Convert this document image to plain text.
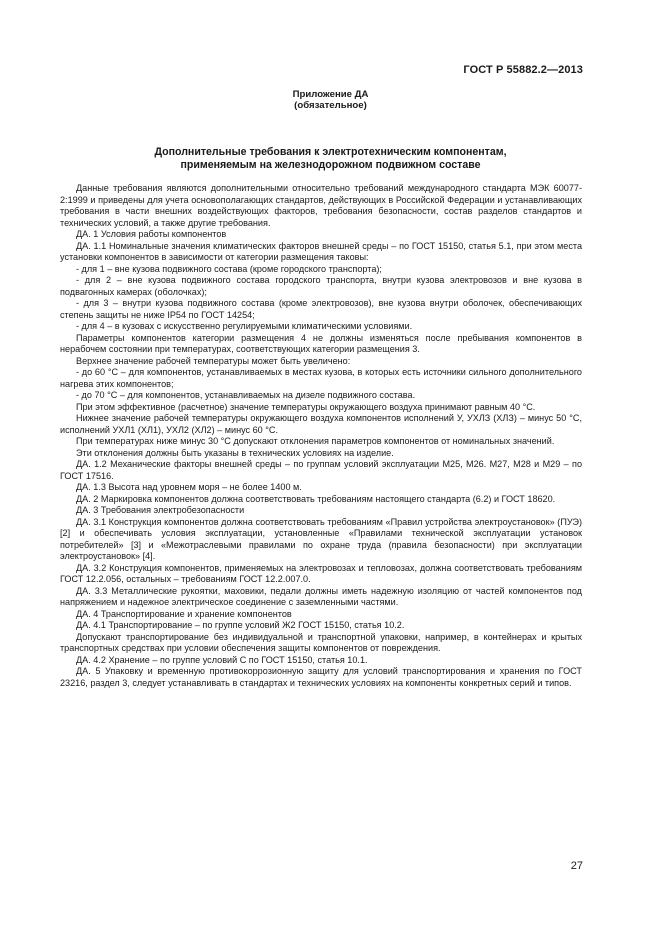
ГОСТ Р 55882.2—2013
Приложение ДА
(обязательное)
Дополнительные требования к электротехническим компонентам,
применяемым на железнодорожном подвижном составе

Данные требования являются дополнительными относительно требований международного стандарта МЭК 60077-2:1999 и приведены для учета основополагающих стандартов, действующих в Российской Федерации и устанавливающих требования в части внешних воздействующих факторов, требования безопасности, состав разделов стандартов и технических условий, а также другие требования.

ДА. 1 Условия работы компонентов

ДА. 1.1 Номинальные значения климатических факторов внешней среды – по ГОСТ 15150, статья 5.1, при этом места установки компонентов в зависимости от категории размещения таковы:

- для 1 – вне кузова подвижного состава (кроме городского транспорта);

- для 2 – вне кузова подвижного состава городского транспорта, внутри кузова электровозов и вне кузова в подвагонных камерах (оболочках);

- для 3 – внутри кузова подвижного состава (кроме электровозов), вне кузова внутри оболочек, обеспечивающих степень защиты не ниже IP54 по ГОСТ 14254;

- для 4 – в кузовах с искусственно регулируемыми климатическими условиями.

Параметры компонентов категории размещения 4 не должны изменяться после пребывания компонентов в нерабочем состоянии при температурах, соответствующих категории размещения 3.

Верхнее значение рабочей температуры может быть увеличено:

- до 60 °С – для компонентов, устанавливаемых в местах кузова, в которых есть источники сильного дополнительного нагрева этих компонентов;

- до 70 °С – для компонентов, устанавливаемых на дизеле подвижного состава.

При этом эффективное (расчетное) значение температуры окружающего воздуха принимают равным 40 °С.

Нижнее значение рабочей температуры окружающего воздуха компонентов исполнений У, УХЛЗ (ХЛЗ) – минус 50 °С, исполнений УХЛ1 (ХЛ1), УХЛ2 (ХЛ2) – минус 60 °С.

При температурах ниже минус 30 °С допускают отклонения параметров компонентов от номинальных значений.

Эти отклонения должны быть указаны в технических условиях на изделие.

ДА. 1.2 Механические факторы внешней среды – по группам условий эксплуатации М25, М26. М27, М28 и М29 – по ГОСТ 17516.

ДА. 1.3 Высота над уровнем моря – не более 1400 м.

ДА. 2 Маркировка компонентов должна соответствовать требованиям настоящего стандарта (6.2) и ГОСТ 18620.

ДА. 3 Требования электробезопасности

ДА. 3.1 Конструкция компонентов должна соответствовать требованиям «Правил устройства электроустановок» (ПУЭ) [2] и обеспечивать условия эксплуатации, установленные «Правилами технической эксплуатации установок потребителей» [3] и «Межотраслевыми правилами по охране труда (правила безопасности) при эксплуатации электроустановок» [4].

ДА. 3.2 Конструкция компонентов, применяемых на электровозах и тепловозах, должна соответствовать требованиям ГОСТ 12.2.056, остальных – требованиям ГОСТ 12.2.007.0.

ДА. 3.3 Металлические рукоятки, маховики, педали должны иметь надежную изоляцию от частей компонентов под напряжением и надежное электрическое соединение с заземленными частями.

ДА. 4 Транспортирование и хранение компонентов

ДА. 4.1 Транспортирование – по группе условий Ж2 ГОСТ 15150, статья 10.2.

Допускают транспортирование без индивидуальной и транспортной упаковки, например, в контейнерах и крытых транспортных средствах при условии обеспечения защиты компонентов от повреждения.

ДА. 4.2 Хранение – по группе условий С по ГОСТ 15150, статья 10.1.

ДА. 5 Упаковку и временную противокоррозионную защиту для условий транспортирования и хранения по ГОСТ 23216, раздел 3, следует устанавливать в стандартах и технических условиях на компоненты конкретных серий и типов.

27
